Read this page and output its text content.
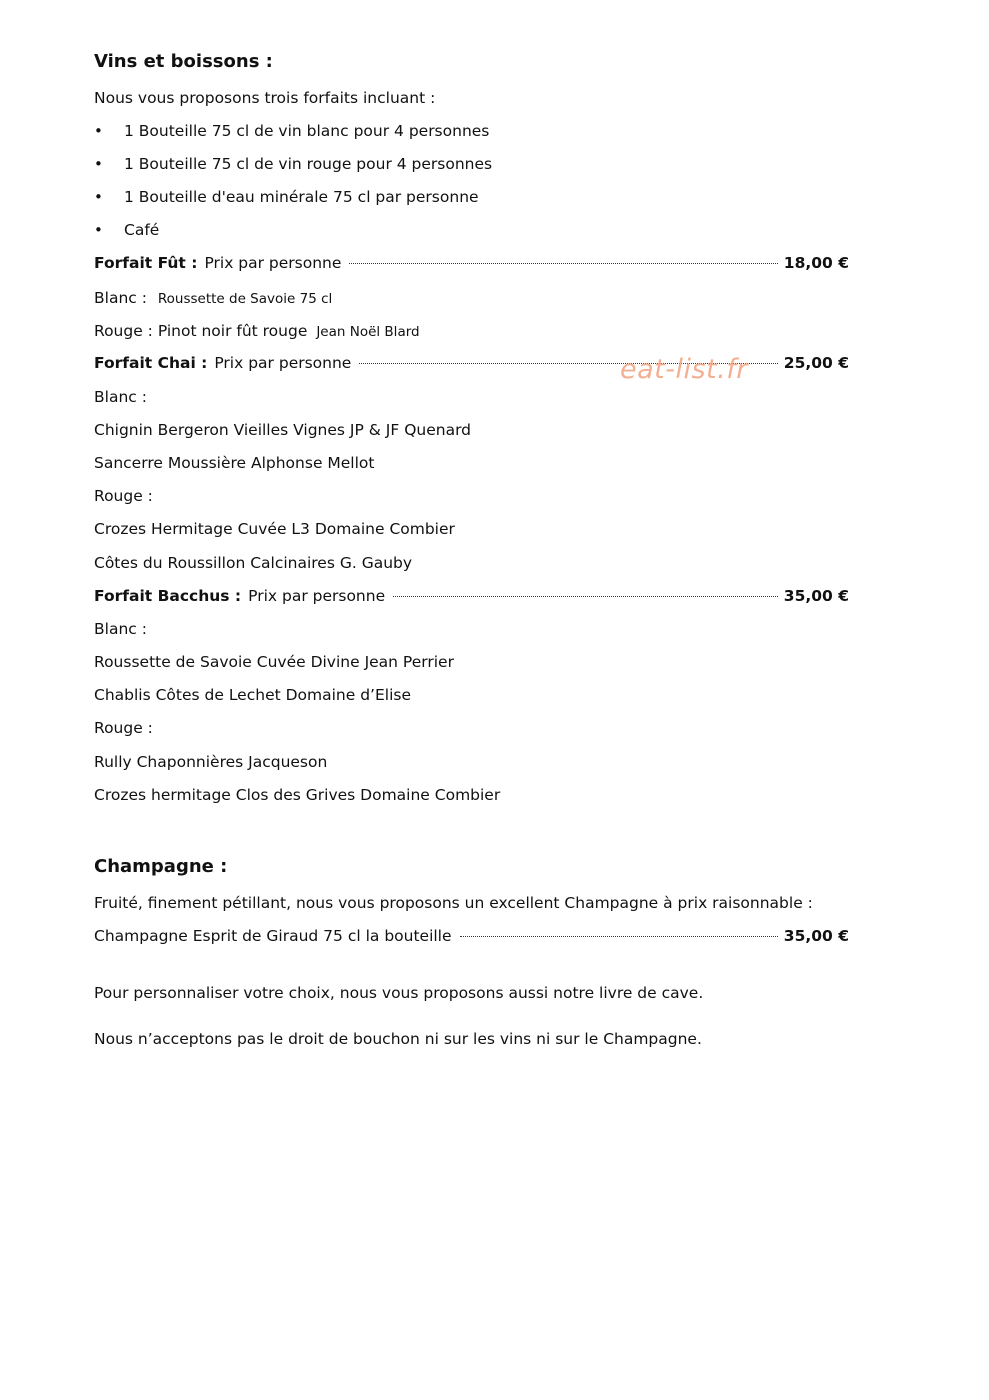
Vins et boissons :
Nous vous proposons trois forfaits incluant :
• 1 Bouteille 75 cl de vin blanc pour 4 personnes
• 1 Bouteille 75 cl de vin rouge pour 4 personnes
• 1 Bouteille d'eau minérale 75 cl par personne
• Café
Forfait Fût : Prix par personne	18,00 €
Blanc : Roussette de Savoie 75 cl
Rouge : Pinot noir fût rouge Jean Noël Blard
Forfait Chai : Prix par personne	25,00 €
Blanc :
Chignin Bergeron Vieilles Vignes JP & JF Quenard
Sancerre Moussière Alphonse Mellot
Rouge :
Crozes Hermitage Cuvée L3 Domaine Combier
Côtes du Roussillon Calcinaires G. Gauby
Forfait Bacchus : Prix par personne	35,00 €
Blanc :
Roussette de Savoie Cuvée Divine Jean Perrier
Chablis Côtes de Lechet Domaine d’Elise
Rouge :
Rully Chaponnières Jacqueson
Crozes hermitage Clos des Grives Domaine Combier
Champagne :
Fruité, finement pétillant, nous vous proposons un excellent Champagne à prix raisonnable :
Champagne Esprit de Giraud 75 cl la bouteille	35,00 €
Pour personnaliser votre choix, nous vous proposons aussi notre livre de cave.
Nous n’acceptons pas le droit de bouchon ni sur les vins ni sur le Champagne.
eat-list.fr
